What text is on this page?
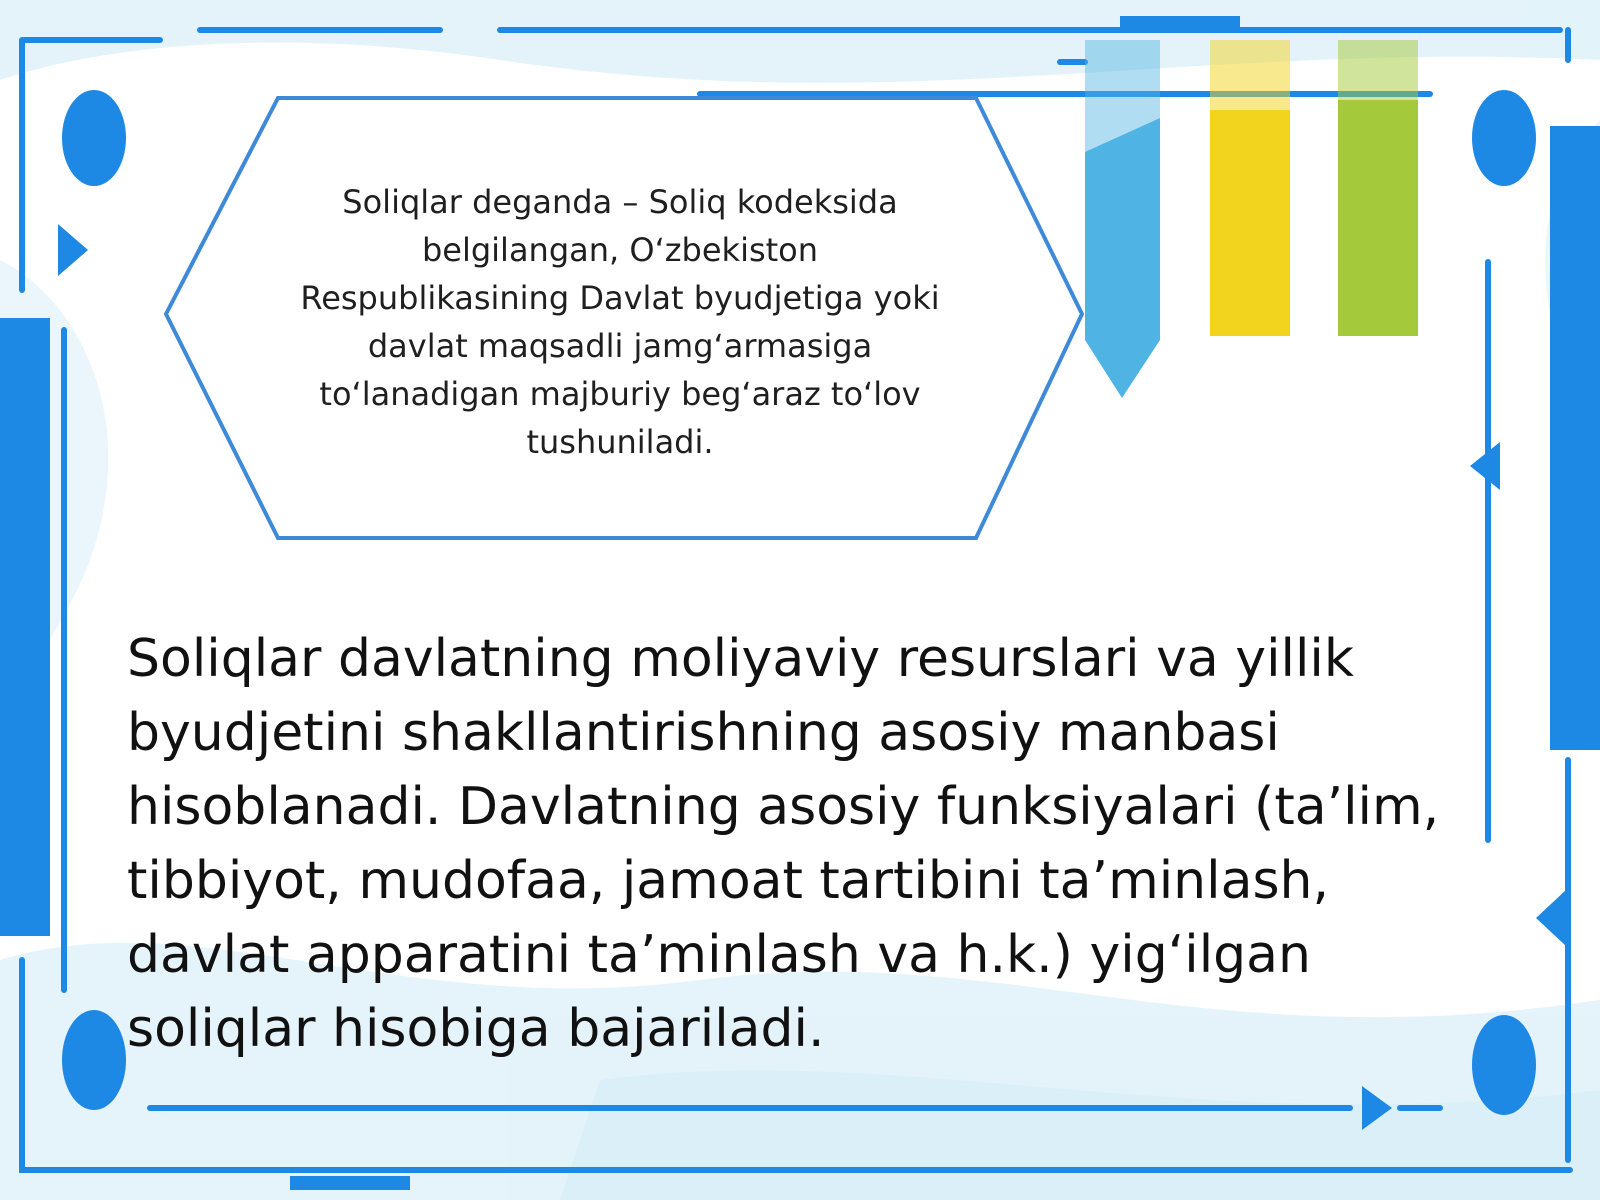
Soliqlar deganda – Soliq kodeksida belgilangan, O‘zbekiston Respublikasining Davlat byudjetiga yoki davlat maqsadli jamg‘armasiga to‘lanadigan majburiy beg‘araz to‘lov tushuniladi.

Soliqlar davlatning moliyaviy resurslari va yillik byudjetini shakllantirishning asosiy manbasi hisoblanadi. Davlatning asosiy funksiyalari (ta’lim, tibbiyot, mudofaa, jamoat tartibini ta’minlash, davlat apparatini ta’minlash va h.k.) yig‘ilgan soliqlar hisobiga bajariladi.
